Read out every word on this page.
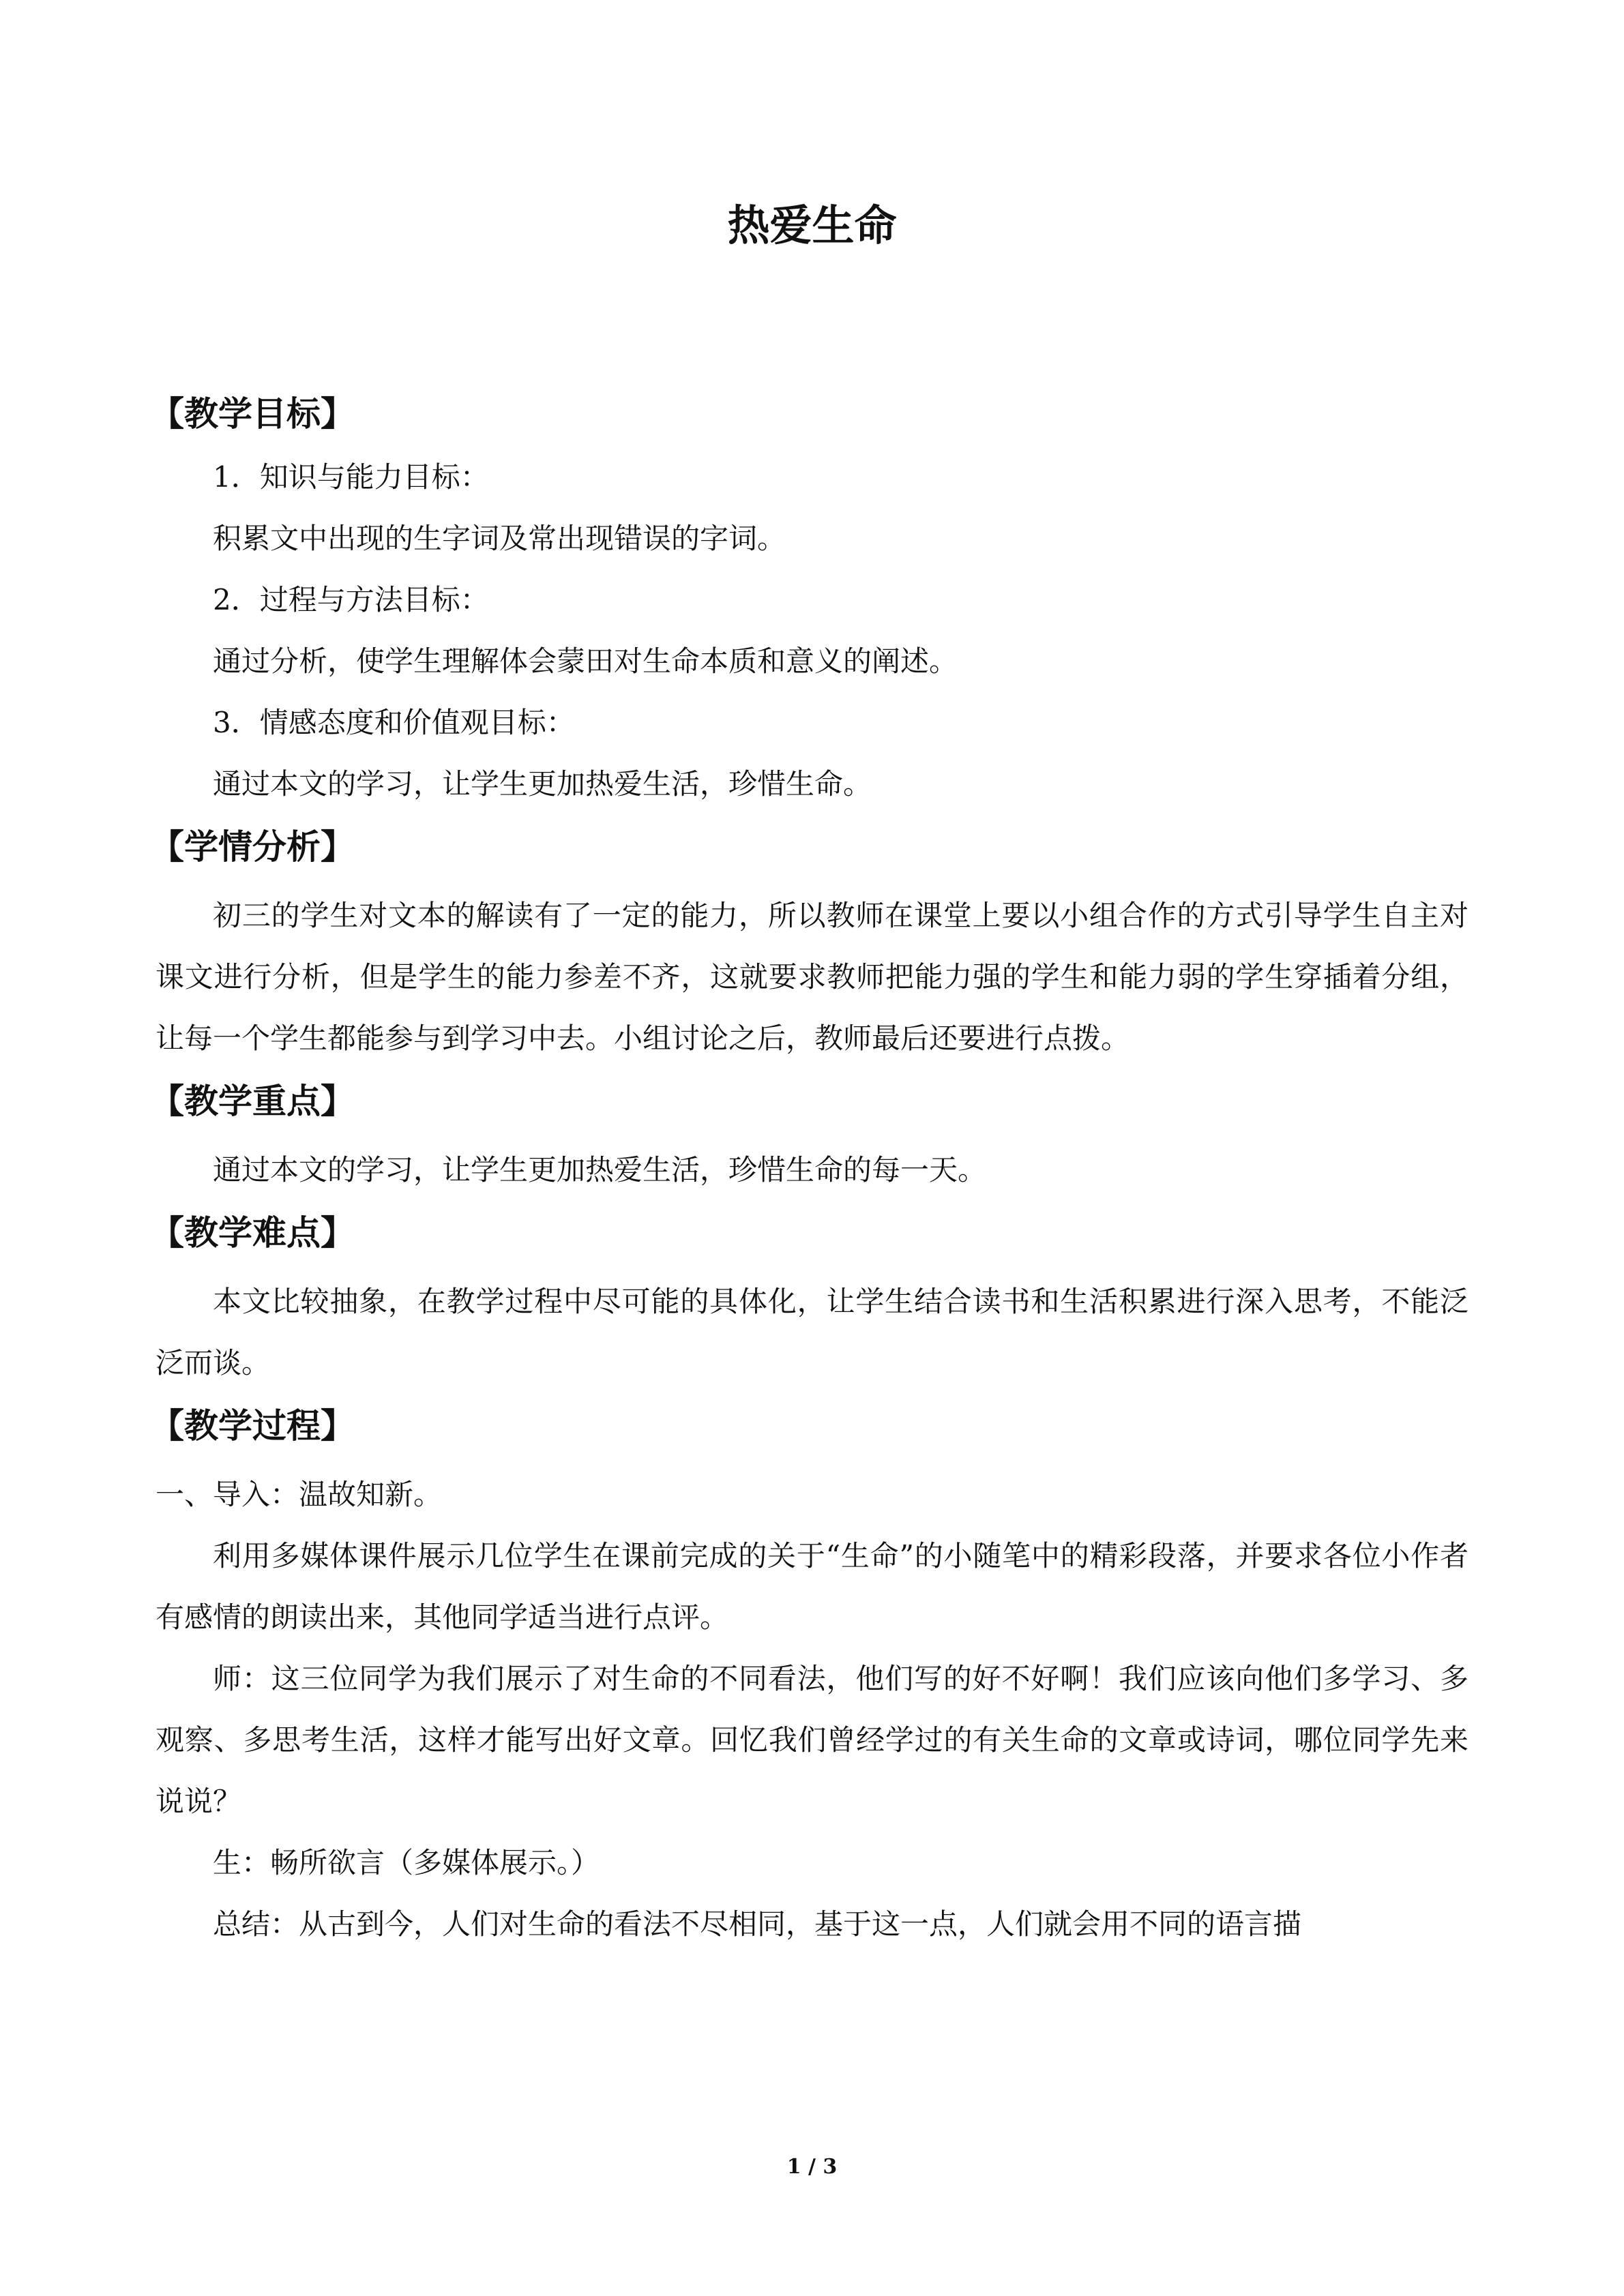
热爱生命
【教学目标】
1．知识与能力目标：
积累文中出现的生字词及常出现错误的字词。
2．过程与方法目标：
通过分析，使学生理解体会蒙田对生命本质和意义的阐述。
3．情感态度和价值观目标：
通过本文的学习，让学生更加热爱生活，珍惜生命。
【学情分析】
初三的学生对文本的解读有了一定的能力，所以教师在课堂上要以小组合作的方式引导学生自主对课文进行分析，但是学生的能力参差不齐，这就要求教师把能力强的学生和能力弱的学生穿插着分组，让每一个学生都能参与到学习中去。小组讨论之后，教师最后还要进行点拨。
【教学重点】
通过本文的学习，让学生更加热爱生活，珍惜生命的每一天。
【教学难点】
本文比较抽象，在教学过程中尽可能的具体化，让学生结合读书和生活积累进行深入思考，不能泛泛而谈。
【教学过程】
一、导入：温故知新。
利用多媒体课件展示几位学生在课前完成的关于“生命”的小随笔中的精彩段落，并要求各位小作者有感情的朗读出来，其他同学适当进行点评。
师：这三位同学为我们展示了对生命的不同看法，他们写的好不好啊！我们应该向他们多学习、多观察、多思考生活，这样才能写出好文章。回忆我们曾经学过的有关生命的文章或诗词，哪位同学先来说说？
生：畅所欲言（多媒体展示。）
总结：从古到今，人们对生命的看法不尽相同，基于这一点，人们就会用不同的语言描
1 / 3
